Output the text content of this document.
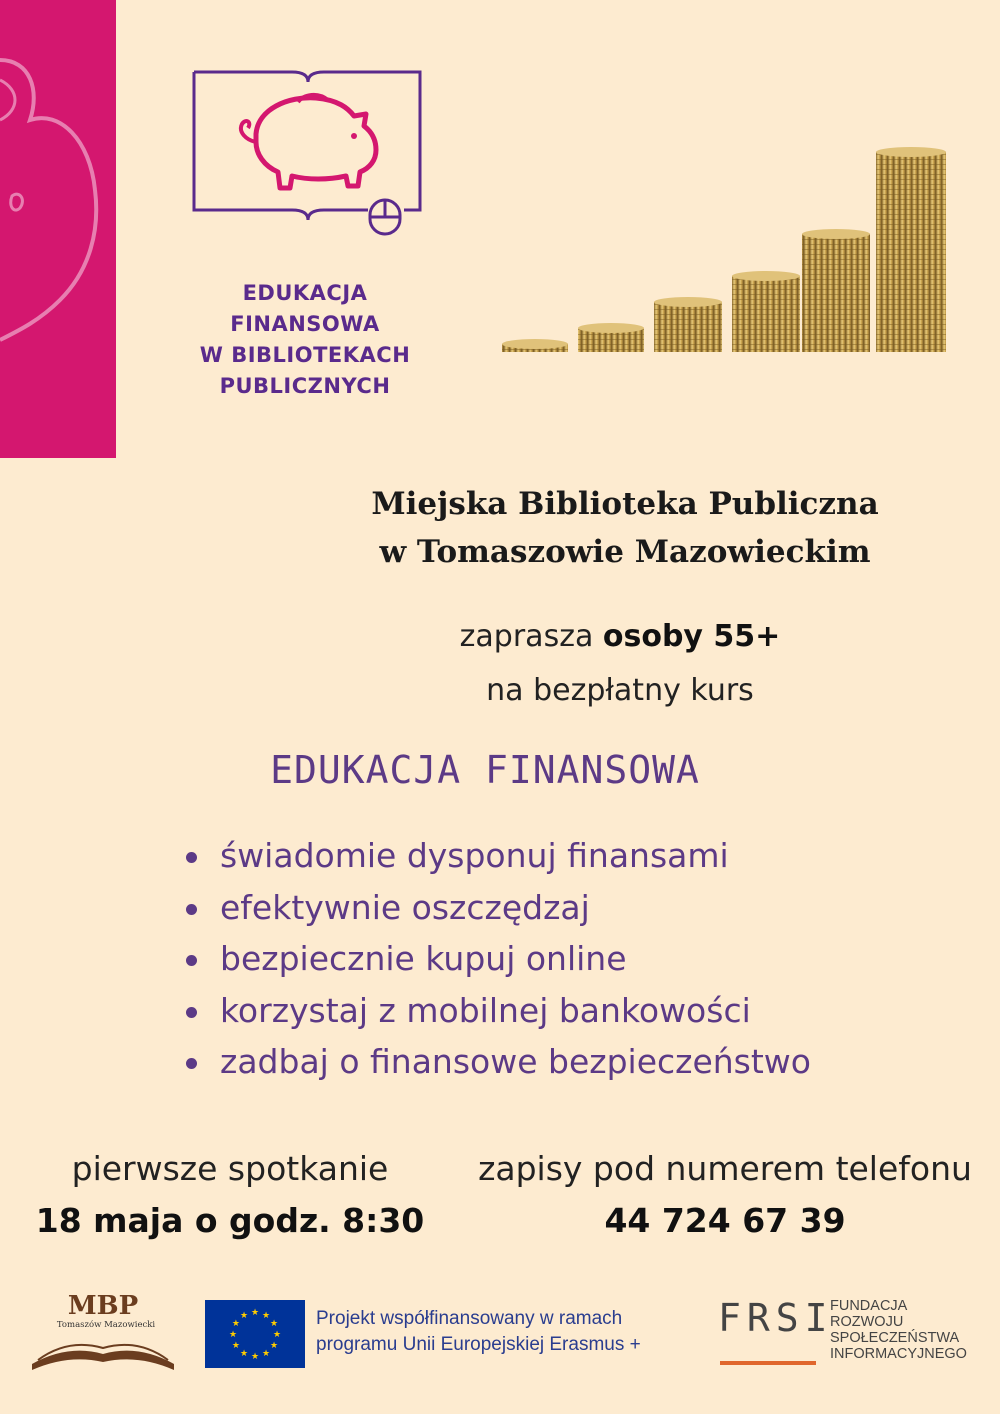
EDUKACJA
FINANSOWA
W BIBLIOTEKACH
PUBLICZNYCH
Miejska Biblioteka Publiczna
w Tomaszowie Mazowieckim
zaprasza osoby 55+
na bezpłatny kurs
EDUKACJA FINANSOWA
świadomie dysponuj finansami
efektywnie oszczędzaj
bezpiecznie kupuj online
korzystaj z mobilnej bankowości
zadbaj o finansowe bezpieczeństwo
pierwsze spotkanie
18 maja o godz. 8:30
zapisy pod numerem telefonu
44 724 67 39
MBP
Tomaszów Mazowiecki
★
★
★
★
★
★
★
★
★ ★ ★
★ Projekt współfinansowany w ramach
programu Unii Europejskiej Erasmus +
FRSI
FUNDACJA
ROZWOJU
SPOŁECZEŃSTWA
INFORMACYJNEGO
